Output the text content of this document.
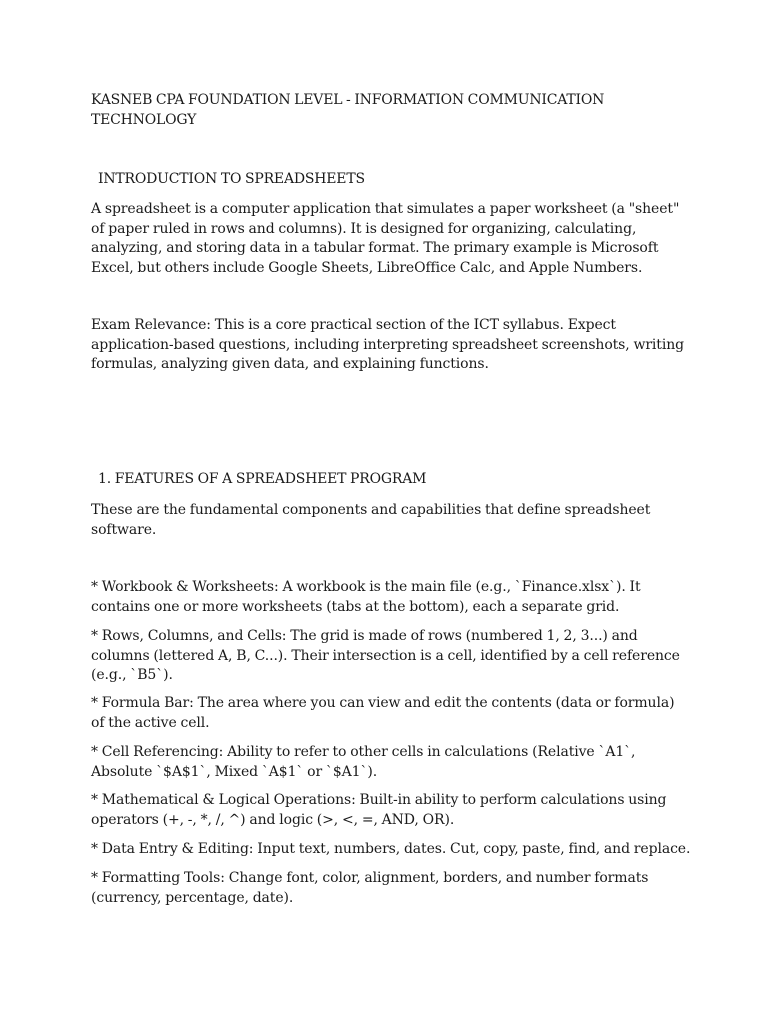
KASNEB CPA FOUNDATION LEVEL - INFORMATION COMMUNICATION TECHNOLOGY
INTRODUCTION TO SPREADSHEETS
A spreadsheet is a computer application that simulates a paper worksheet (a "sheet" of paper ruled in rows and columns). It is designed for organizing, calculating, analyzing, and storing data in a tabular format. The primary example is Microsoft Excel, but others include Google Sheets, LibreOffice Calc, and Apple Numbers.
Exam Relevance: This is a core practical section of the ICT syllabus. Expect application-based questions, including interpreting spreadsheet screenshots, writing formulas, analyzing given data, and explaining functions.
1. FEATURES OF A SPREADSHEET PROGRAM
These are the fundamental components and capabilities that define spreadsheet software.
* Workbook & Worksheets: A workbook is the main file (e.g., `Finance.xlsx`). It contains one or more worksheets (tabs at the bottom), each a separate grid.
* Rows, Columns, and Cells: The grid is made of rows (numbered 1, 2, 3...) and columns (lettered A, B, C...). Their intersection is a cell, identified by a cell reference (e.g., `B5`).
* Formula Bar: The area where you can view and edit the contents (data or formula) of the active cell.
* Cell Referencing: Ability to refer to other cells in calculations (Relative `A1`, Absolute `$A$1`, Mixed `A$1` or `$A1`).
* Mathematical & Logical Operations: Built-in ability to perform calculations using operators (+, -, *, /, ^) and logic (>, <, =, AND, OR).
* Data Entry & Editing: Input text, numbers, dates. Cut, copy, paste, find, and replace.
* Formatting Tools: Change font, color, alignment, borders, and number formats (currency, percentage, date).
